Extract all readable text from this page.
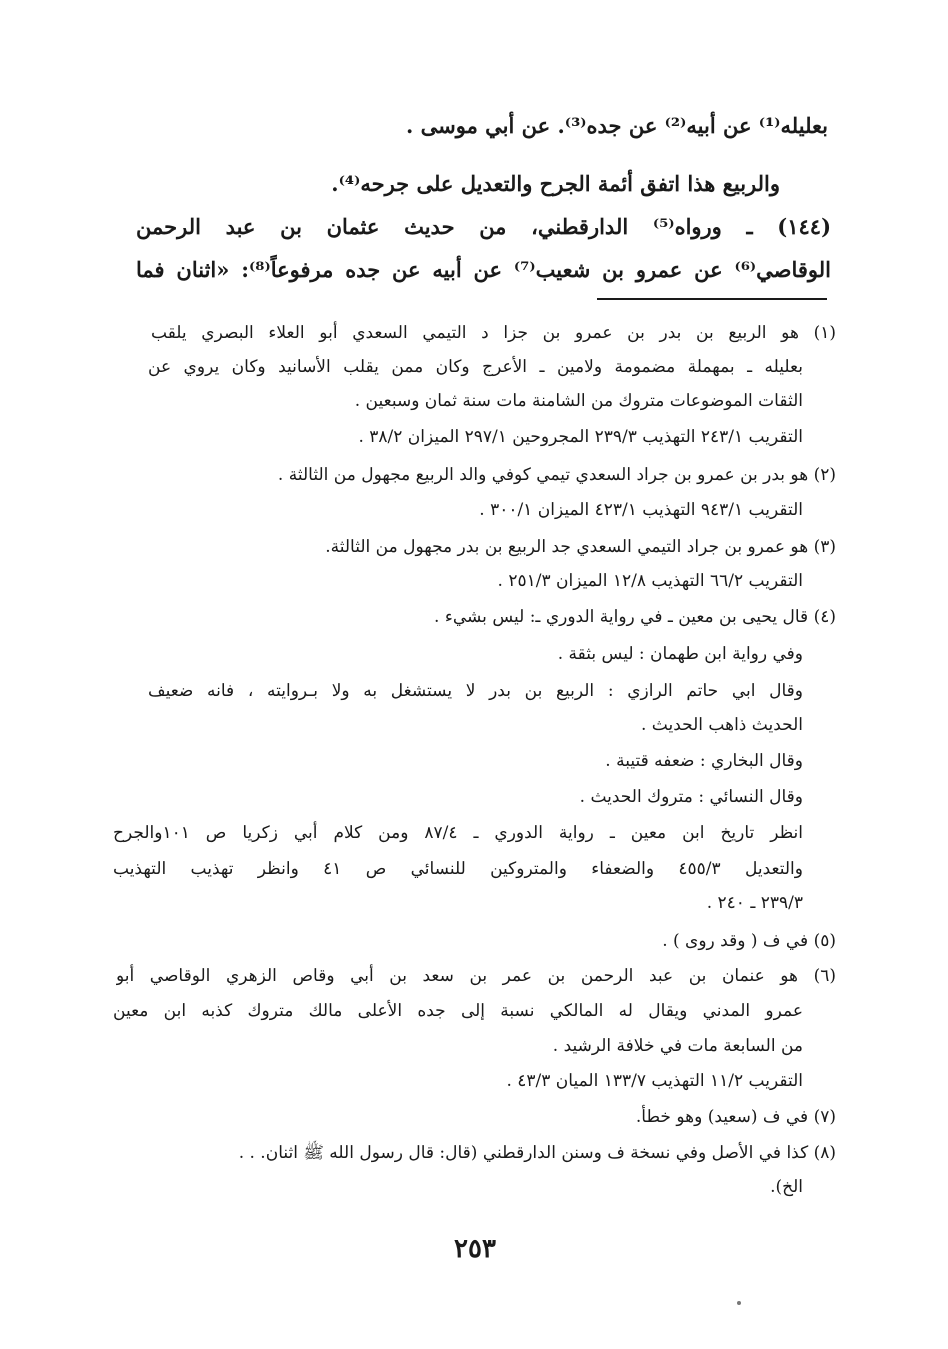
بعليله⁽¹⁾ عن أبيه⁽²⁾ عن جده⁽³⁾. عن أبي موسى .
والربيع هذا اتفق أئمة الجرح والتعديل على جرحه⁽⁴⁾.
(١٤٤) ـ ورواه⁽⁵⁾ الدارقطني، من حديث عثمان بن عبد الرحمن
الوقاصي⁽⁶⁾ عن عمرو بن شعيب⁽⁷⁾ عن أبيه عن جده مرفوعاً⁽⁸⁾: «اثنان فما
(١) هو الربيع بن بدر بن عمرو بن جزا د التيمي السعدي أبو العلاء البصري يلقب
بعليله ـ بمهملة مضمومة ولامين ـ الأعرج وكان ممن يقلب الأسانيد وكان يروي عن
الثقات الموضوعات متروك من الشامنة مات سنة ثمان وسبعين .
التقريب ٢٤٣/١ التهذيب ٢٣٩/٣ المجروحين ٢٩٧/١ الميزان ٣٨/٢ .
(٢) هو بدر بن عمرو بن جراد السعدي تيمي كوفي والد الربيع مجهول من الثالثة .
التقريب ٩٤٣/١ التهذيب ٤٢٣/١ الميزان ٣٠٠/١ .
(٣) هو عمرو بن جراد التيمي السعدي جد الربيع بن بدر مجهول من الثالثة.
التقريب ٦٦/٢ التهذيب ١٢/٨ الميزان ٢٥١/٣ .
(٤) قال يحيى بن معين ـ في رواية الدوري ـ: ليس بشيء .
وفي رواية ابن طهمان : ليس بثقة .
وقال ابي حاتم الرازي : الربيع بن بدر لا يستشغل به ولا بـروايته ، فانه ضعيف
الحديث ذاهب الحديث .
وقال البخاري : ضعفه قتيبة .
وقال النسائي : متروك الحديث .
انظر تاريخ ابن معين ـ رواية الدوري ـ ٨٧/٤ ومن كلام أبي زكريا ص ١٠١والجرح
والتعديل ٤٥٥/٣ والضعفاء والمتروكين للنسائي ص ٤١ وانظر تهذيب التهذيب
٢٣٩/٣ ـ ٢٤٠ .
(٥) في ف ( وقد روى ) .
(٦) هو عنمان بن عبد الرحمن بن عمر بن سعد بن أبي وقاص الزهري الوقاصي أبو
عمرو المدني ويقال له المالكي نسبة إلى جده الأعلى مالك متروك كذبه ابن معين
من السابعة مات في خلافة الرشيد .
التقريب ١١/٢ التهذيب ١٣٣/٧ الميان ٤٣/٣ .
(٧) في ف (سعيد) وهو خطأ.
(٨) كذا في الأصل وفي نسخة ف وسنن الدارقطني (قال: قال رسول الله ﷺ اثنان. . .
الخ).
٢٥٣
